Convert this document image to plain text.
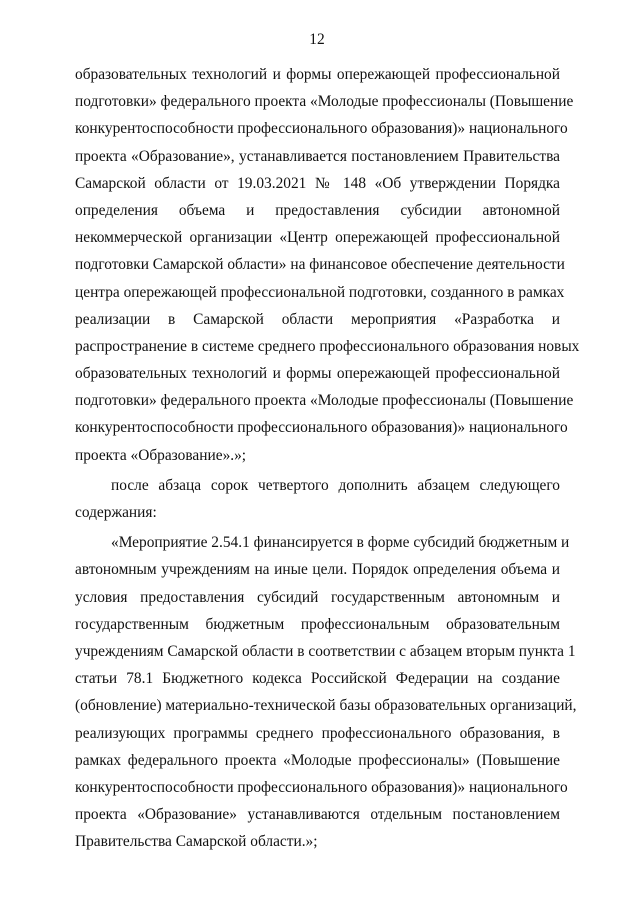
12
образовательных технологий и формы опережающей профессиональной
подготовки» федерального проекта «Молодые профессионалы (Повышение
конкурентоспособности профессионального образования)» национального
проекта «Образование», устанавливается постановлением Правительства
Самарской области от 19.03.2021 № 148 «Об утверждении Порядка
определения объема и предоставления субсидии автономной
некоммерческой организации «Центр опережающей профессиональной
подготовки Самарской области» на финансовое обеспечение деятельности
центра опережающей профессиональной подготовки, созданного в рамках
реализации в Самарской области мероприятия «Разработка и
распространение в системе среднего профессионального образования новых
образовательных технологий и формы опережающей профессиональной
подготовки» федерального проекта «Молодые профессионалы (Повышение
конкурентоспособности профессионального образования)» национального
проекта «Образование».»;
после абзаца сорок четвертого дополнить абзацем следующего
содержания:
«Мероприятие 2.54.1 финансируется в форме субсидий бюджетным и
автономным учреждениям на иные цели. Порядок определения объема и
условия предоставления субсидий государственным автономным и
государственным бюджетным профессиональным образовательным
учреждениям Самарской области в соответствии с абзацем вторым пункта 1
статьи 78.1 Бюджетного кодекса Российской Федерации на создание
(обновление) материально-технической базы образовательных организаций,
реализующих программы среднего профессионального образования, в
рамках федерального проекта «Молодые профессионалы» (Повышение
конкурентоспособности профессионального образования)» национального
проекта «Образование» устанавливаются отдельным постановлением
Правительства Самарской области.»;
